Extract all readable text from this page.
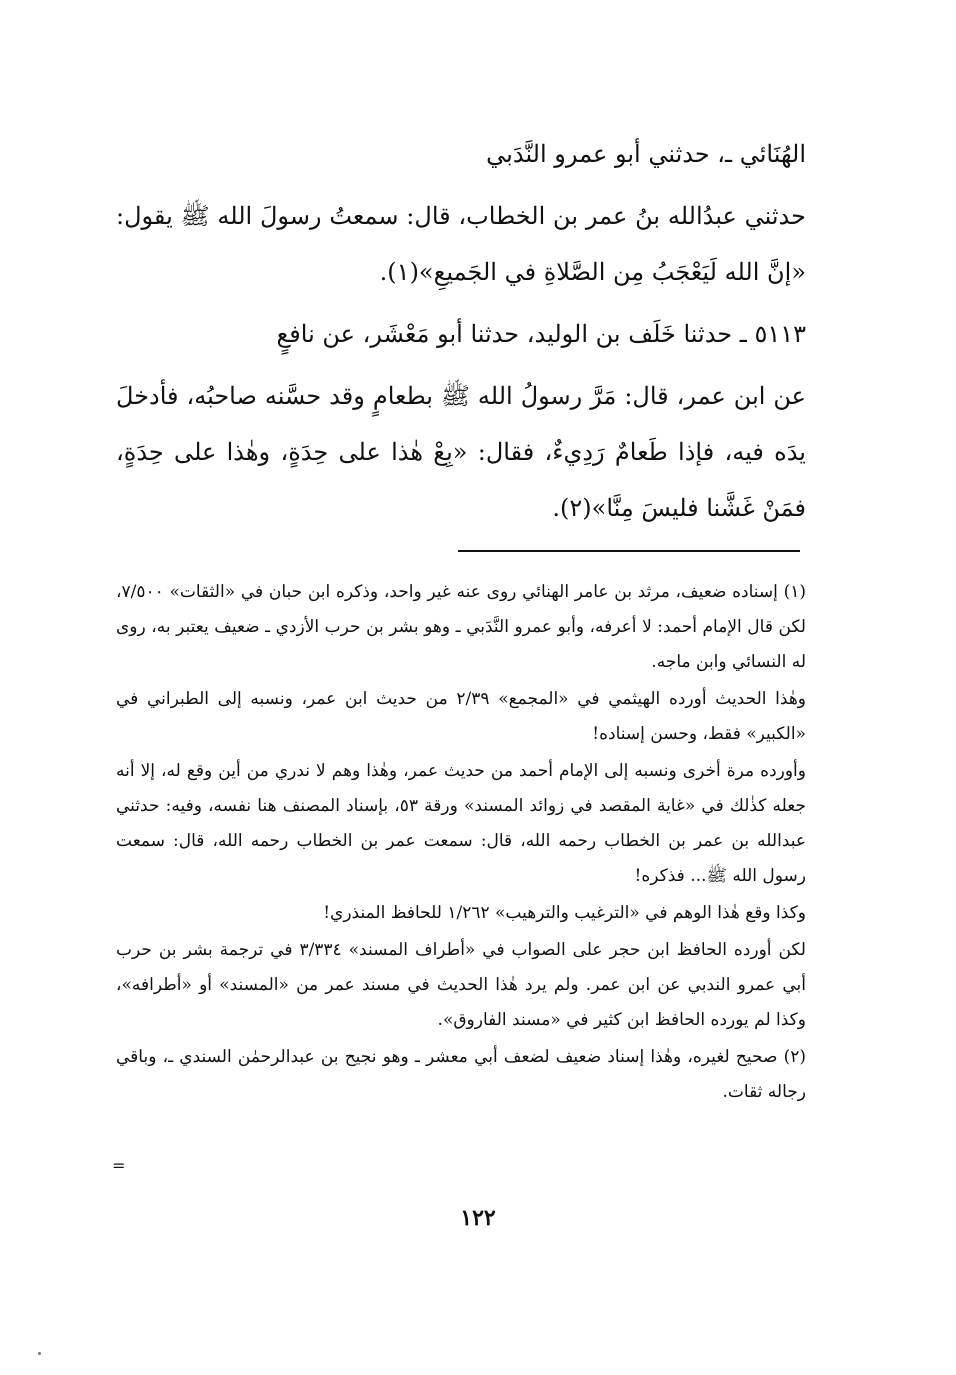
الهُنَائي ـ، حدثني أبو عمرو النَّدَبي

حدثني عبدُالله بنُ عمر بن الخطاب، قال: سمعتُ رسولَ الله ﷺ يقول: «إنَّ الله لَيَعْجَبُ مِن الصَّلاةِ في الجَميعِ»(١).

٥١١٣ ـ حدثنا خَلَف بن الوليد، حدثنا أبو مَعْشَر، عن نافعٍ

عن ابن عمر، قال: مَرَّ رسولُ الله ﷺ بطعامٍ وقد حسَّنه صاحبُه، فأدخلَ يدَه فيه، فإذا طَعامٌ رَدِيءٌ، فقال: «بِعْ هٰذا على حِدَةٍ، وهٰذا على حِدَةٍ، فمَنْ غَشَّنا فليسَ مِنَّا»(٢).

(١) إسناده ضعيف، مرثد بن عامر الهنائي روى عنه غير واحد، وذكره ابن حبان في «الثقات» ٧/٥٠٠، لكن قال الإمام أحمد: لا أعرفه، وأبو عمرو النَّدَبي ـ وهو بشر بن حرب الأزدي ـ ضعيف يعتبر به، روى له النسائي وابن ماجه.

وهٰذا الحديث أورده الهيثمي في «المجمع» ٢/٣٩ من حديث ابن عمر، ونسبه إلى الطبراني في «الكبير» فقط، وحسن إسناده!

وأورده مرة أخرى ونسبه إلى الإمام أحمد من حديث عمر، وهٰذا وهم لا ندري من أين وقع له، إلا أنه جعله كذٰلك في «غاية المقصد في زوائد المسند» ورقة ٥٣، بإسناد المصنف هنا نفسه، وفيه: حدثني عبدالله بن عمر بن الخطاب رحمه الله، قال: سمعت عمر بن الخطاب رحمه الله، قال: سمعت رسول الله ﷺ... فذكره!

وكذا وقع هٰذا الوهم في «الترغيب والترهيب» ١/٢٦٢ للحافظ المنذري!

لكن أورده الحافظ ابن حجر على الصواب في «أطراف المسند» ٣/٣٣٤ في ترجمة بشر بن حرب أبي عمرو الندبي عن ابن عمر. ولم يرد هٰذا الحديث في مسند عمر من «المسند» أو «أطرافه»، وكذا لم يورده الحافظ ابن كثير في «مسند الفاروق».

(٢) صحيح لغيره، وهٰذا إسناد ضعيف لضعف أبي معشر ـ وهو نجيح بن عبدالرحمٰن السندي ـ، وباقي رجاله ثقات.

=
١٢٢
